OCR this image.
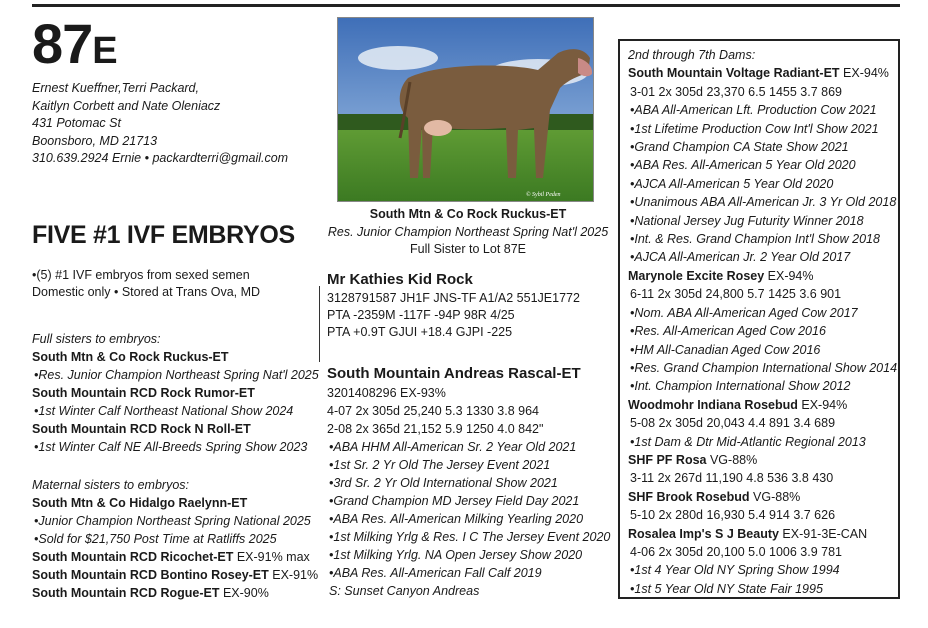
87E
Ernest Kueffner,Terri Packard,
Kaitlyn Corbett and Nate Oleniacz
431 Potomac St
Boonsboro, MD 21713
310.639.2924 Ernie • packardterri@gmail.com
FIVE #1 IVF EMBRYOS
•(5) #1 IVF embryos from sexed semen
Domestic only • Stored at Trans Ova, MD
Full sisters to embryos:
South Mtn & Co Rock Ruckus-ET
•Res. Junior Champion Northeast Spring Nat'l 2025
South Mountain RCD Rock Rumor-ET
•1st Winter Calf Northeast National Show 2024
South Mountain RCD Rock N Roll-ET
•1st Winter Calf NE All-Breeds Spring Show 2023
Maternal sisters to embryos:
South Mtn & Co Hidalgo Raelynn-ET
•Junior Champion Northeast Spring National 2025
•Sold for $21,750 Post Time at Ratliffs 2025
South Mountain RCD Ricochet-ET EX-91% max
South Mountain RCD Bontino Rosey-ET EX-91%
South Mountain RCD Rogue-ET EX-90%
© Sybil Peden
South Mtn & Co Rock Ruckus-ET
Res. Junior Champion Northeast Spring Nat'l 2025
Full Sister to Lot 87E
Mr Kathies Kid Rock
3128791587 JH1F JNS-TF A1/A2 551JE1772
PTA -2359M -117F -94P 98R 4/25
PTA +0.9T GJUI +18.4 GJPI -225
South Mountain Andreas Rascal-ET
3201408296 EX-93%
4-07 2x 305d 25,240 5.3 1330 3.8 964
2-08 2x 365d 21,152 5.9 1250 4.0 842"
•ABA HHM All-American Sr. 2 Year Old 2021
•1st Sr. 2 Yr Old The Jersey Event 2021
•3rd Sr. 2 Yr Old International Show 2021
•Grand Champion MD Jersey Field Day 2021
•ABA Res. All-American Milking Yearling 2020
•1st Milking Yrlg & Res. I C The Jersey Event 2020
•1st Milking Yrlg. NA Open Jersey Show 2020
•ABA Res. All-American Fall Calf 2019
S: Sunset Canyon Andreas
2nd through 7th Dams:
South Mountain Voltage Radiant-ET EX-94%
3-01 2x 305d 23,370 6.5 1455 3.7 869
•ABA All-American Lft. Production Cow 2021
•1st Lifetime Production Cow Int'l Show 2021
•Grand Champion CA State Show 2021
•ABA Res. All-American 5 Year Old 2020
•AJCA All-American 5 Year Old 2020
•Unanimous ABA All-American Jr. 3 Yr Old 2018
•National Jersey Jug Futurity Winner 2018
•Int. & Res. Grand Champion Int'l Show 2018
•AJCA All-American Jr. 2 Year Old 2017
Marynole Excite Rosey EX-94%
6-11 2x 305d 24,800 5.7 1425 3.6 901
•Nom. ABA All-American Aged Cow 2017
•Res. All-American Aged Cow 2016
•HM All-Canadian Aged Cow 2016
•Res. Grand Champion International Show 2014
•Int. Champion International Show 2012
Woodmohr Indiana Rosebud EX-94%
5-08 2x 305d 20,043 4.4 891 3.4 689
•1st Dam & Dtr Mid-Atlantic Regional 2013
SHF PF Rosa VG-88%
3-11 2x 267d 11,190 4.8 536 3.8 430
SHF Brook Rosebud VG-88%
5-10 2x 280d 16,930 5.4 914 3.7 626
Rosalea Imp's S J Beauty EX-91-3E-CAN
4-06 2x 305d 20,100 5.0 1006 3.9 781
•1st 4 Year Old NY Spring Show 1994
•1st 5 Year Old NY State Fair 1995
